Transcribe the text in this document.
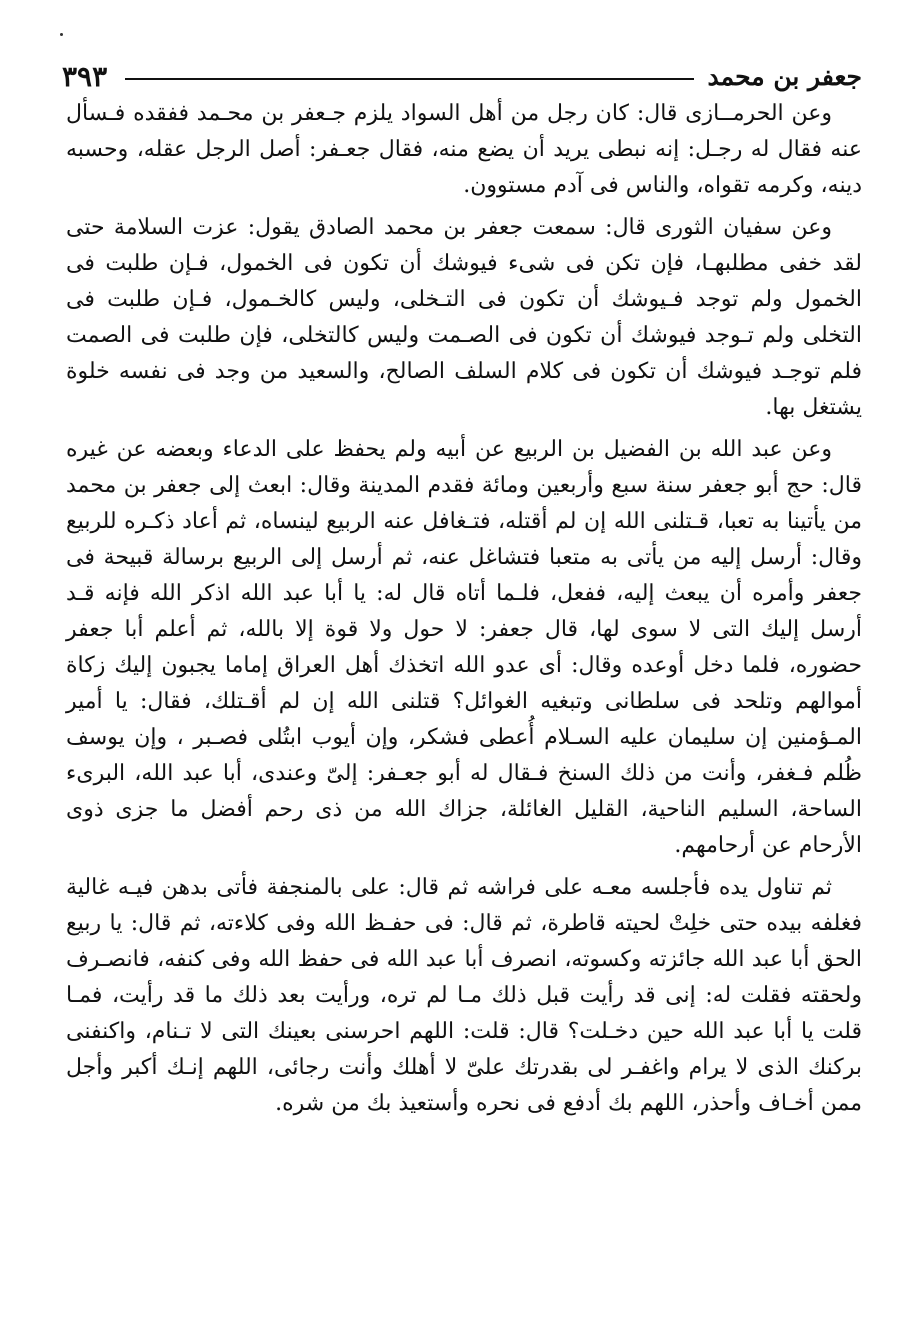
جعفر بن محمد
٣٩٣

وعن الحرمــازى قال: كان رجل من أهل السواد يلزم جـعفر بن محـمد ففقده فـسأل عنه فقال له رجـل: إنه نبطى يريد أن يضع منه، فقال جعـفر: أصل الرجل عقله، وحسبه دينه، وكرمه تقواه، والناس فى آدم مستوون.

وعن سفيان الثورى قال: سمعت جعفر بن محمد الصادق يقول: عزت السلامة حتى لقد خفى مطلبهـا، فإن تكن فى شىء فيوشك أن تكون فى الخمول، فـإن طلبت فى الخمول ولم توجد فـيوشك أن تكون فى التـخلى، وليس كالخـمول، فـإن طلبت فى التخلى ولم تـوجد فيوشك أن تكون فى الصـمت وليس كالتخلى، فإن طلبت فى الصمت فلم توجـد فيوشك أن تكون فى كلام السلف الصالح، والسعيد من وجد فى نفسه خلوة يشتغل بها.

وعن عبد الله بن الفضيل بن الربيع عن أبيه ولم يحفظ على الدعاء وبعضه عن غيره قال: حج أبو جعفر سنة سبع وأربعين ومائة فقدم المدينة وقال: ابعث إلى جعفر بن محمد من يأتينا به تعبا، قـتلنى الله إن لم أقتله، فتـغافل عنه الربيع لينساه، ثم أعاد ذكـره للربيع وقال: أرسل إليه من يأتى به متعبا فتشاغل عنه، ثم أرسل إلى الربيع برسالة قبيحة فى جعفر وأمره أن يبعث إليه، ففعل، فلـما أتاه قال له: يا أبا عبد الله اذكر الله فإنه قـد أرسل إليك التى لا سوى لها، قال جعفر: لا حول ولا قوة إلا بالله، ثم أعلم أبا جعفر حضوره، فلما دخل أوعده وقال: أى عدو الله اتخذك أهل العراق إماما يجبون إليك زكاة أموالهم وتلحد فى سلطانى وتبغيه الغوائل؟ قتلنى الله إن لم أقـتلك، فقال: يا أمير المـؤمنين إن سليمان عليه السـلام أُعطى فشكر، وإن أيوب ابتُلى فصـبر ، وإن يوسف ظُلم فـغفر، وأنت من ذلك السنخ فـقال له أبو جعـفر: إلىّ وعندى، أبا عبد الله، البرىء الساحة، السليم الناحية، القليل الغائلة، جزاك الله من ذى رحم أفضل ما جزى ذوى الأرحام عن أرحامهم.

ثم تناول يده فأجلسه معـه على فراشه ثم قال: على بالمنجفة فأتى بدهن فيـه غالية فغلفه بيده حتى خلِتْ لحيته قاطرة، ثم قال: فى حفـظ الله وفى كلاءته، ثم قال: يا ربيع الحق أبا عبد الله جائزته وكسوته، انصرف أبا عبد الله فى حفظ الله وفى كنفه، فانصـرف ولحقته فقلت له: إنى قد رأيت قبل ذلك مـا لم تره، ورأيت بعد ذلك ما قد رأيت، فمـا قلت يا أبا عبد الله حين دخـلت؟ قال: قلت: اللهم احرسنى بعينك التى لا تـنام، واكنفنى بركنك الذى لا يرام واغفـر لى بقدرتك علىّ لا أهلك وأنت رجائى، اللهم إنـك أكبر وأجل ممن أخـاف وأحذر، اللهم بك أدفع فى نحره وأستعيذ بك من شره.
